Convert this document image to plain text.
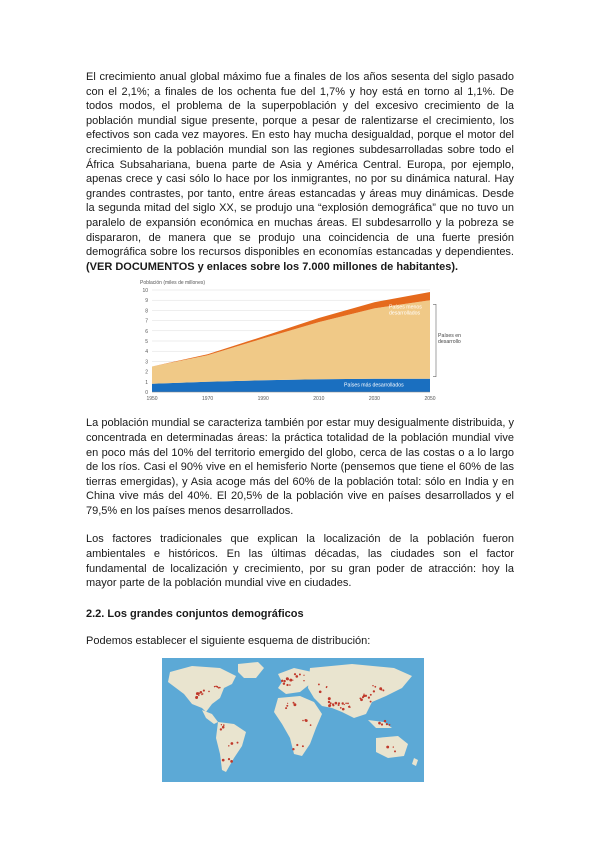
El crecimiento anual global máximo fue a finales de los años sesenta del siglo pasado con el 2,1%; a finales de los ochenta fue del 1,7% y hoy está en torno al 1,1%. De todos modos, el problema de la superpoblación y del excesivo crecimiento de la población mundial sigue presente, porque a pesar de ralentizarse el crecimiento, los efectivos son cada vez mayores. En esto hay mucha desigualdad, porque el motor del crecimiento de la población mundial son las regiones subdesarrolladas sobre todo el África Subsahariana, buena parte de Asia y América Central. Europa, por ejemplo, apenas crece y casi sólo lo hace por los inmigrantes, no por su dinámica natural. Hay grandes contrastes, por tanto, entre áreas estancadas y áreas muy dinámicas. Desde la segunda mitad del siglo XX, se produjo una “explosión demográfica” que no tuvo un paralelo de expansión económica en muchas áreas. El subdesarrollo y la pobreza se dispararon, de manera que se produjo una coincidencia de una fuerte presión demográfica sobre los recursos disponibles en economías estancadas y dependientes. (VER DOCUMENTOS y enlaces sobre los 7.000 millones de habitantes).

0
1
2
3
4
5
6
7
8
9
10
1950	1970	1990	2010	2030	2050
Población (miles de millones)
Países más desarrollados
Países menos
desarrollados
Países en
desarrollo

La población mundial se caracteriza también por estar muy desigualmente distribuida, y concentrada en determinadas áreas: la práctica totalidad de la población mundial vive en poco más del 10% del territorio emergido del globo, cerca de las costas o a lo largo de los ríos. Casi el 90% vive en el hemisferio Norte (pensemos que tiene el 60% de las tierras emergidas), y Asia acoge más del 60% de la población total: sólo en India y en China vive más del 40%. El 20,5% de la población vive en países desarrollados y el 79,5% en los países menos desarrollados.

Los factores tradicionales que explican la localización de la población fueron ambientales e históricos. En las últimas décadas, las ciudades son el factor fundamental de localización y crecimiento, por su gran poder de atracción: hoy la mayor parte de la población mundial vive en ciudades.

2.2. Los grandes conjuntos demográficos

Podemos establecer el siguiente esquema de distribución:
